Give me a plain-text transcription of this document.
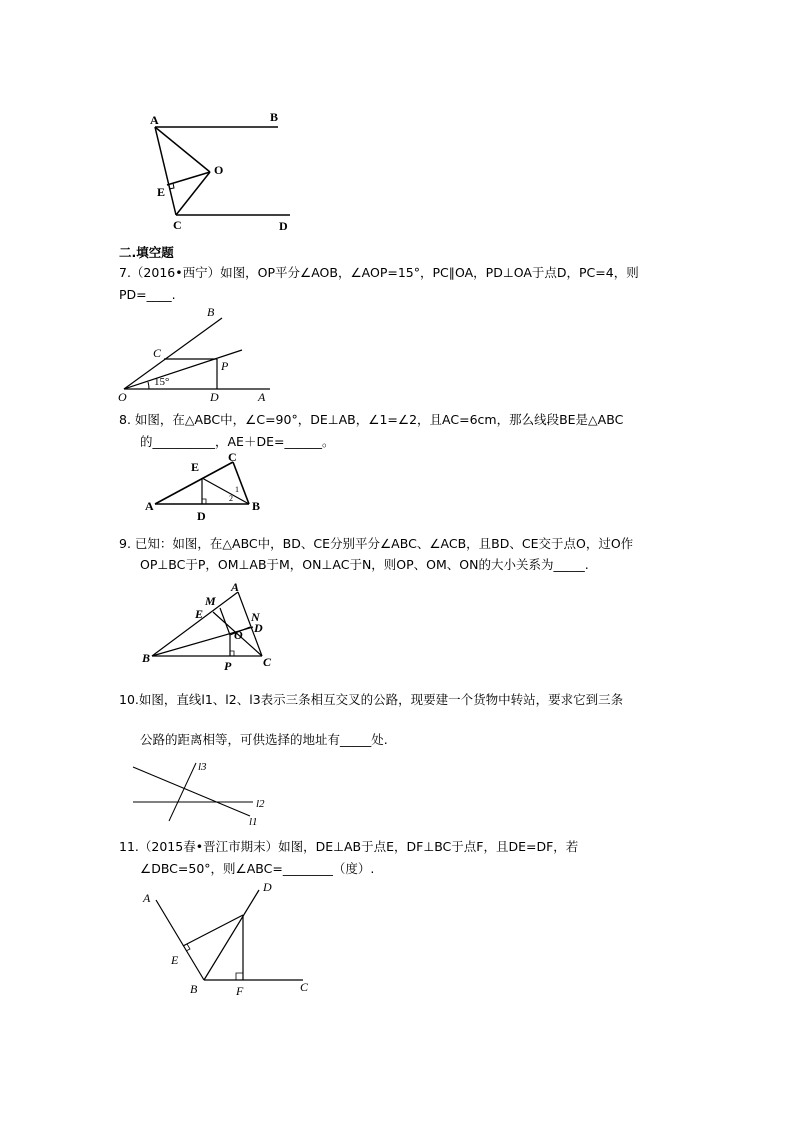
A	B
O
E
C	D
二.填空题
7.（2016•西宁）如图，OP平分∠AOB，∠AOP=15°，PC∥OA，PD⊥OA于点D，PC=4，则
PD=____.
B
C
P
O	D	A
15°
8. 如图，在△ABC中，∠C=90°，DE⊥AB，∠1=∠2，且AC=6cm，那么线段BE是△ABC
的__________，AE＋DE=______。
E
C
A
D
B
1
2
9. 已知：如图，在△ABC中，BD、CE分别平分∠ABC、∠ACB，且BD、CE交于点O，过O作
OP⊥BC于P，OM⊥AB于M，ON⊥AC于N，则OP、OM、ON的大小关系为_____.
A
M
E	N
D
O
B
P	C
10.如图，直线l1、l2、l3表示三条相互交叉的公路，现要建一个货物中转站，要求它到三条
公路的距离相等，可供选择的地址有_____处.
l3
l2
l1
11.（2015春•晋江市期末）如图，DE⊥AB于点E，DF⊥BC于点F，且DE=DF，若
∠DBC=50°，则∠ABC=________（度）.
A
D
E
B	F	C
